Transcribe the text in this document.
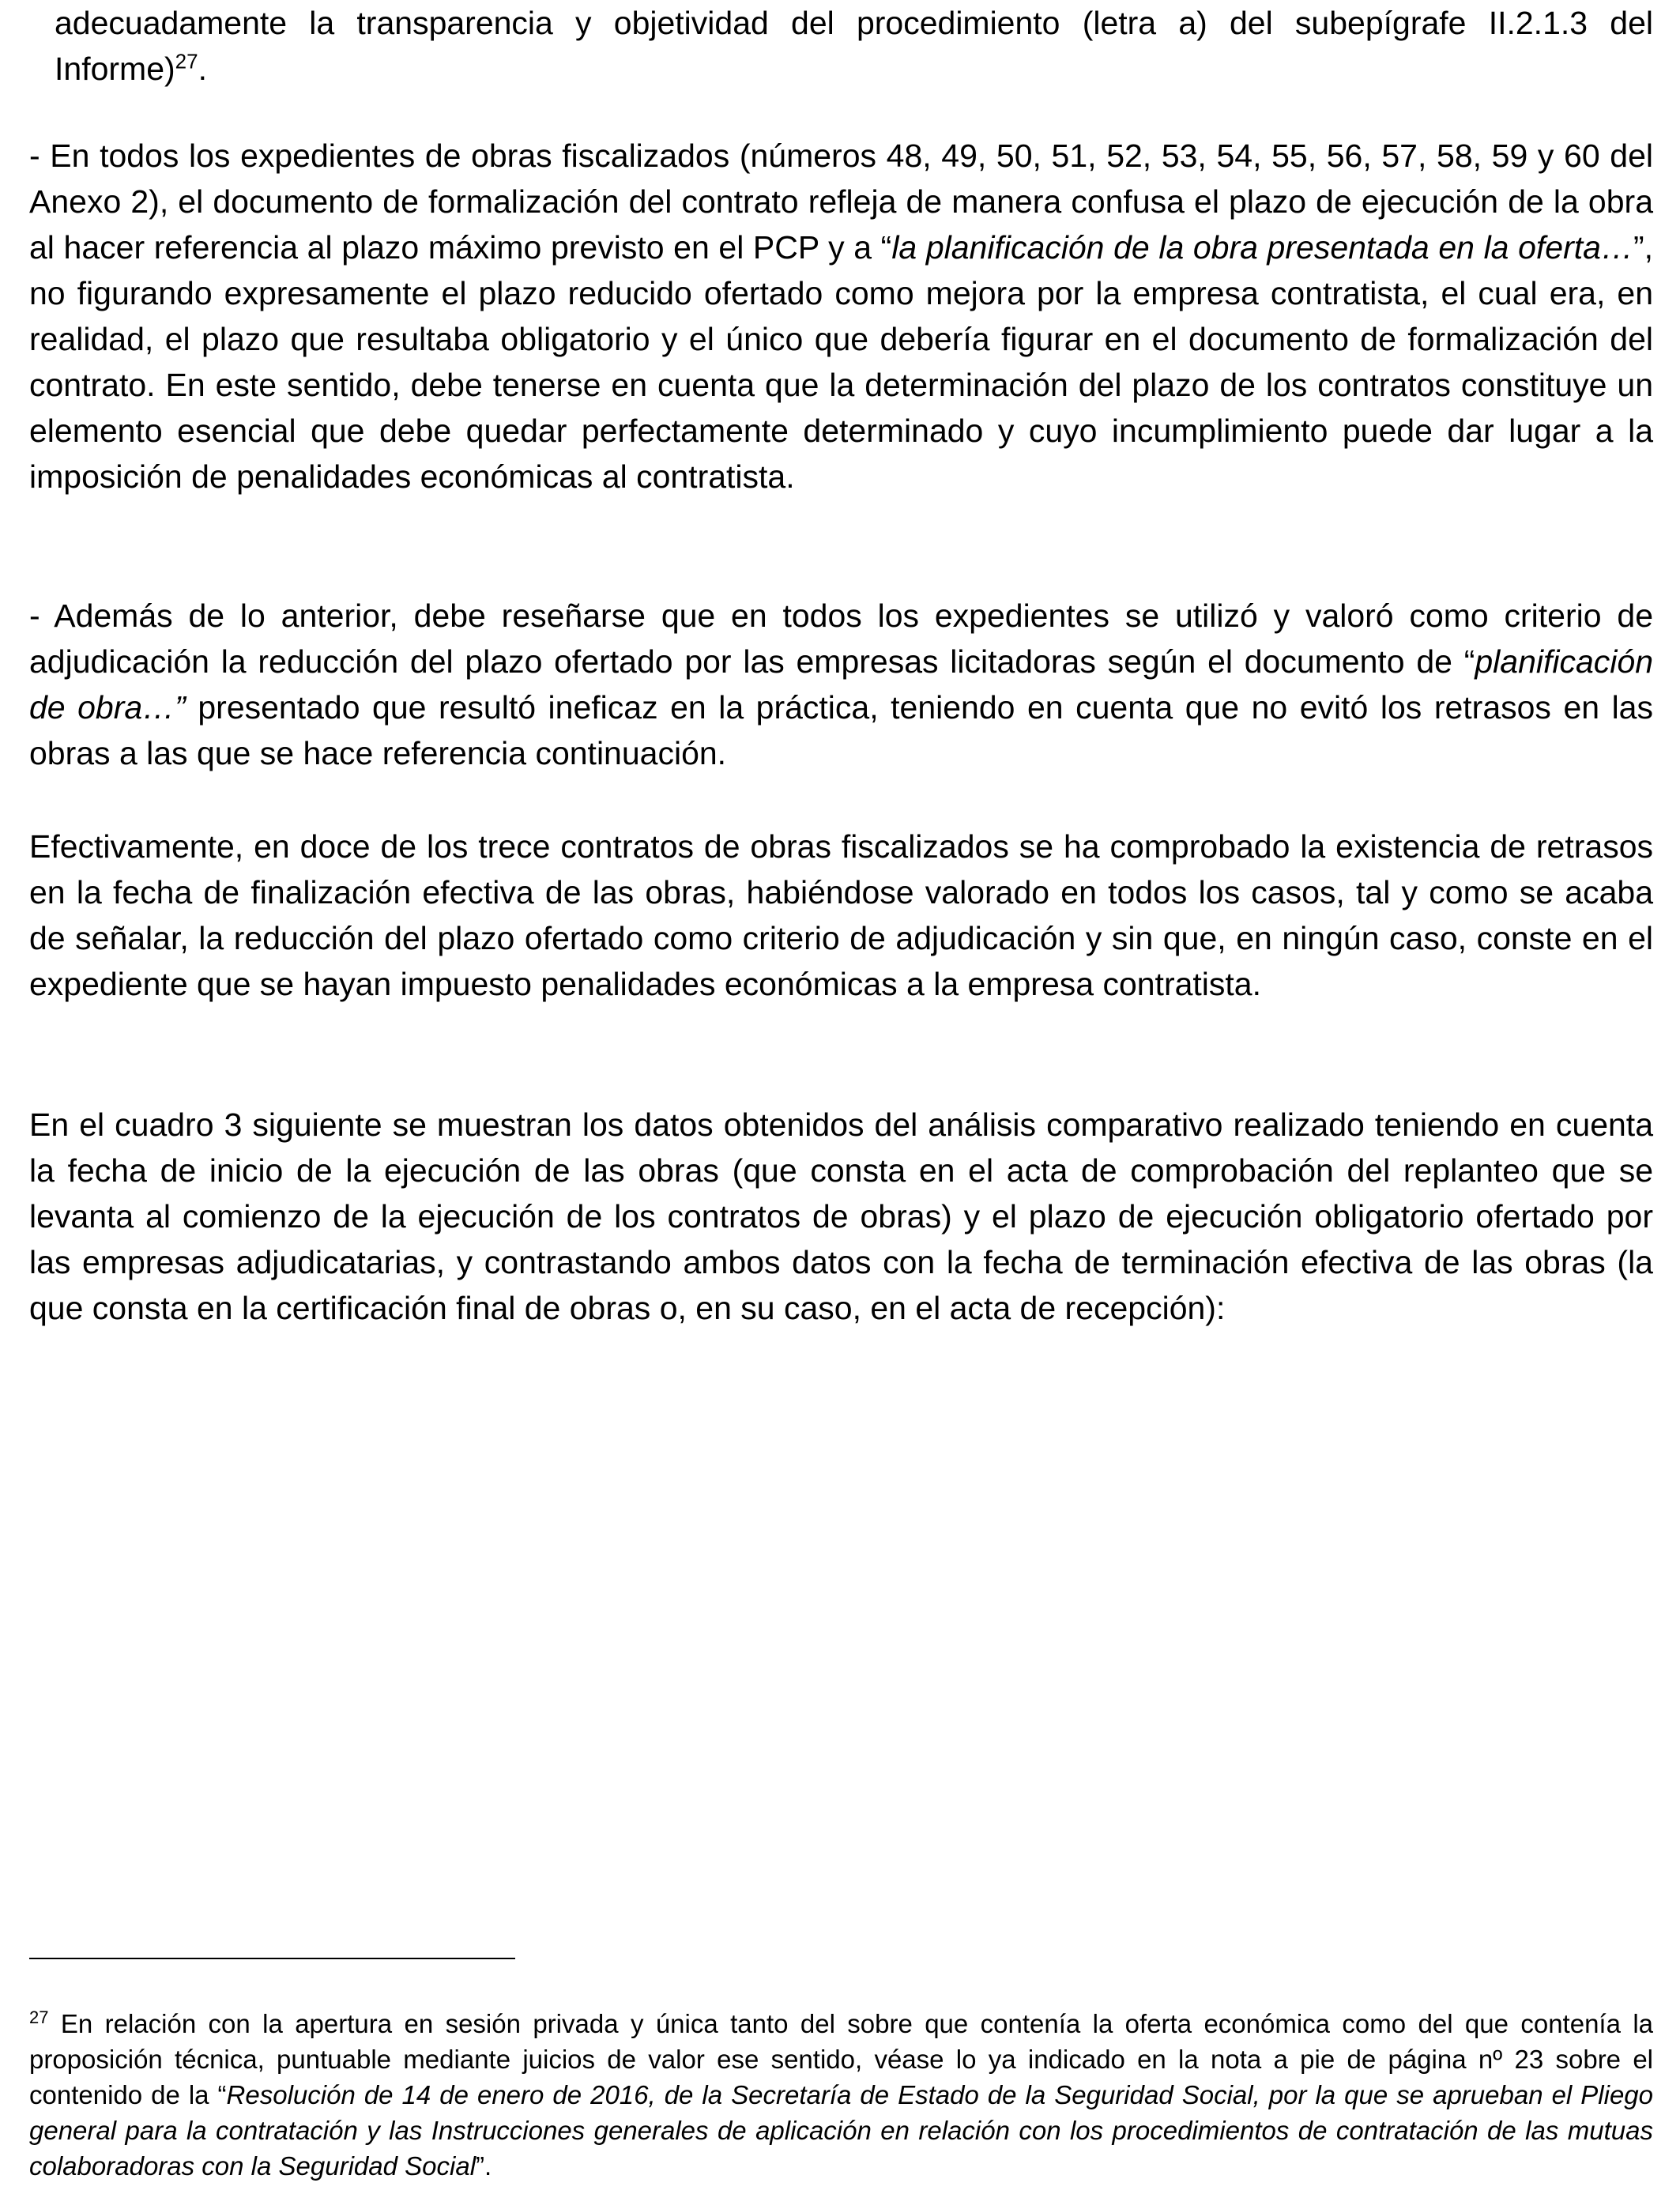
adecuadamente la transparencia y objetividad del procedimiento (letra a) del subepígrafe II.2.1.3 del Informe)$^{27}$.

- En todos los expedientes de obras fiscalizados (números 48, 49, 50, 51, 52, 53, 54, 55, 56, 57, 58, 59 y 60 del Anexo 2), el documento de formalización del contrato refleja de manera confusa el plazo de ejecución de la obra al hacer referencia al plazo máximo previsto en el PCP y a “la planificación de la obra presentada en la oferta…”, no figurando expresamente el plazo reducido ofertado como mejora por la empresa contratista, el cual era, en realidad, el plazo que resultaba obligatorio y el único que debería figurar en el documento de formalización del contrato. En este sentido, debe tenerse en cuenta que la determinación del plazo de los contratos constituye un elemento esencial que debe quedar perfectamente determinado y cuyo incumplimiento puede dar lugar a la imposición de penalidades económicas al contratista.

- Además de lo anterior, debe reseñarse que en todos los expedientes se utilizó y valoró como criterio de adjudicación la reducción del plazo ofertado por las empresas licitadoras según el documento de “planificación de obra…” presentado que resultó ineficaz en la práctica, teniendo en cuenta que no evitó los retrasos en las obras a las que se hace referencia continuación.

Efectivamente, en doce de los trece contratos de obras fiscalizados se ha comprobado la existencia de retrasos en la fecha de finalización efectiva de las obras, habiéndose valorado en todos los casos, tal y como se acaba de señalar, la reducción del plazo ofertado como criterio de adjudicación y sin que, en ningún caso, conste en el expediente que se hayan impuesto penalidades económicas a la empresa contratista.

En el cuadro 3 siguiente se muestran los datos obtenidos del análisis comparativo realizado teniendo en cuenta la fecha de inicio de la ejecución de las obras (que consta en el acta de comprobación del replanteo que se levanta al comienzo de la ejecución de los contratos de obras) y el plazo de ejecución obligatorio ofertado por las empresas adjudicatarias, y contrastando ambos datos con la fecha de terminación efectiva de las obras (la que consta en la certificación final de obras o, en su caso, en el acta de recepción):

$^{27}$ En relación con la apertura en sesión privada y única tanto del sobre que contenía la oferta económica como del que contenía la proposición técnica, puntuable mediante juicios de valor ese sentido, véase lo ya indicado en la nota a pie de página nº 23 sobre el contenido de la “Resolución de 14 de enero de 2016, de la Secretaría de Estado de la Seguridad Social, por la que se aprueban el Pliego general para la contratación y las Instrucciones generales de aplicación en relación con los procedimientos de contratación de las mutuas colaboradoras con la Seguridad Social”.
